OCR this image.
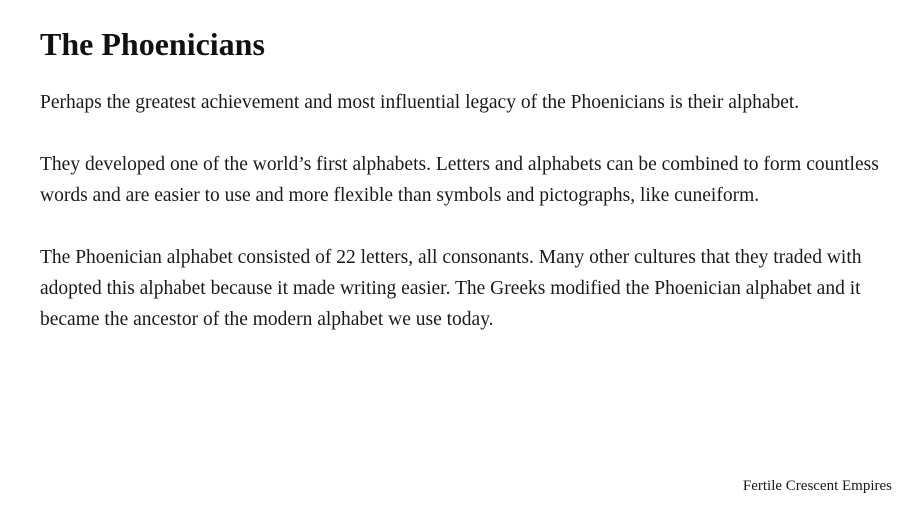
The Phoenicians

Perhaps the greatest achievement and most influential legacy of the Phoenicians is their alphabet.

They developed one of the world’s first alphabets. Letters and alphabets can be combined to form countless words and are easier to use and more flexible than symbols and pictographs, like cuneiform.

The Phoenician alphabet consisted of 22 letters, all consonants. Many other cultures that they traded with adopted this alphabet because it made writing easier. The Greeks modified the Phoenician alphabet and it became the ancestor of the modern alphabet we use today.

Fertile Crescent Empires
